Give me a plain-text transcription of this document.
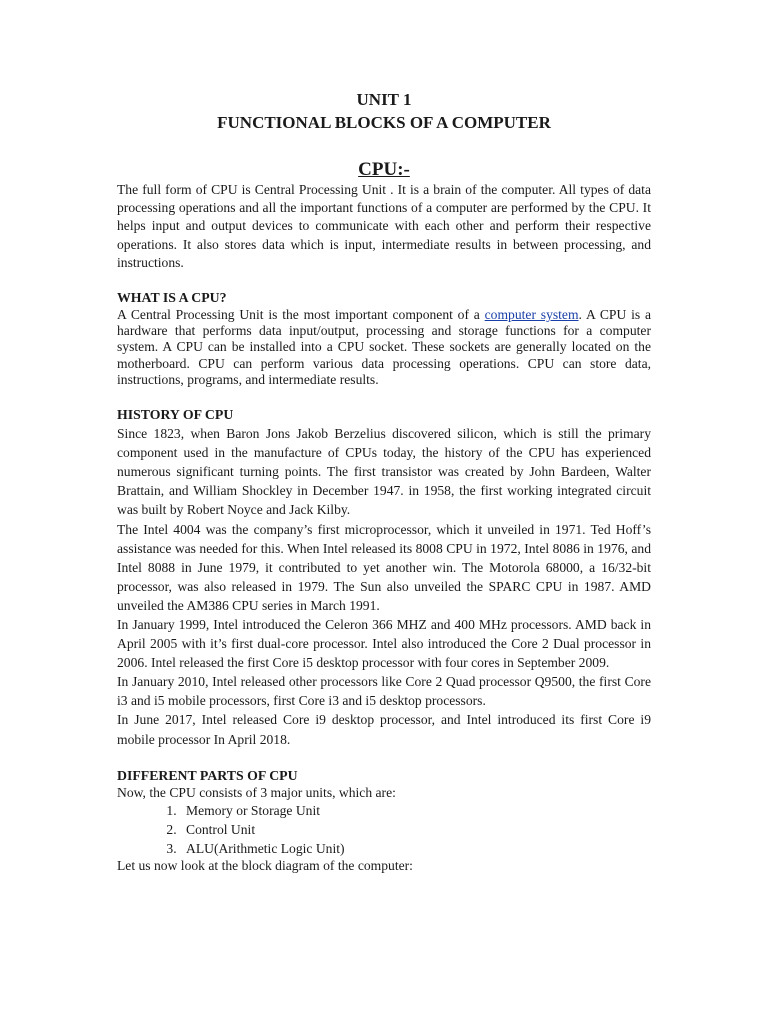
UNIT 1

FUNCTIONAL BLOCKS OF A COMPUTER

CPU:-

The full form of CPU is Central Processing Unit . It is a brain of the computer. All types of data processing operations and all the important functions of a computer are performed by the CPU. It helps input and output devices to communicate with each other and perform their respective operations. It also stores data which is input, intermediate results in between processing, and instructions.

WHAT IS A CPU?

A Central Processing Unit is the most important component of a computer system. A CPU is a hardware that performs data input/output, processing and storage functions for a computer system. A CPU can be installed into a CPU socket. These sockets are generally located on the motherboard. CPU can perform various data processing operations. CPU can store data, instructions, programs, and intermediate results.

HISTORY OF CPU

Since 1823, when Baron Jons Jakob Berzelius discovered silicon, which is still the primary component used in the manufacture of CPUs today, the history of the CPU has experienced numerous significant turning points. The first transistor was created by John Bardeen, Walter Brattain, and William Shockley in December 1947. in 1958, the first working integrated circuit was built by Robert Noyce and Jack Kilby.

The Intel 4004 was the company’s first microprocessor, which it unveiled in 1971. Ted Hoff’s assistance was needed for this. When Intel released its 8008 CPU in 1972, Intel 8086 in 1976, and Intel 8088 in June 1979, it contributed to yet another win. The Motorola 68000, a 16/32-bit processor, was also released in 1979. The Sun also unveiled the SPARC CPU in 1987. AMD unveiled the AM386 CPU series in March 1991.

In January 1999, Intel introduced the Celeron 366 MHZ and 400 MHz processors. AMD back in April 2005 with it’s first dual-core processor. Intel also introduced the Core 2 Dual processor in 2006. Intel released the first Core i5 desktop processor with four cores in September 2009.

In January 2010, Intel released other processors like Core 2 Quad processor Q9500, the first Core i3 and i5 mobile processors, first Core i3 and i5 desktop processors.

In June 2017, Intel released Core i9 desktop processor, and Intel introduced its first Core i9 mobile processor In April 2018.

DIFFERENT PARTS OF CPU

Now, the CPU consists of 3 major units, which are:

1. Memory or Storage Unit
2. Control Unit
3. ALU(Arithmetic Logic Unit)

Let us now look at the block diagram of the computer:
